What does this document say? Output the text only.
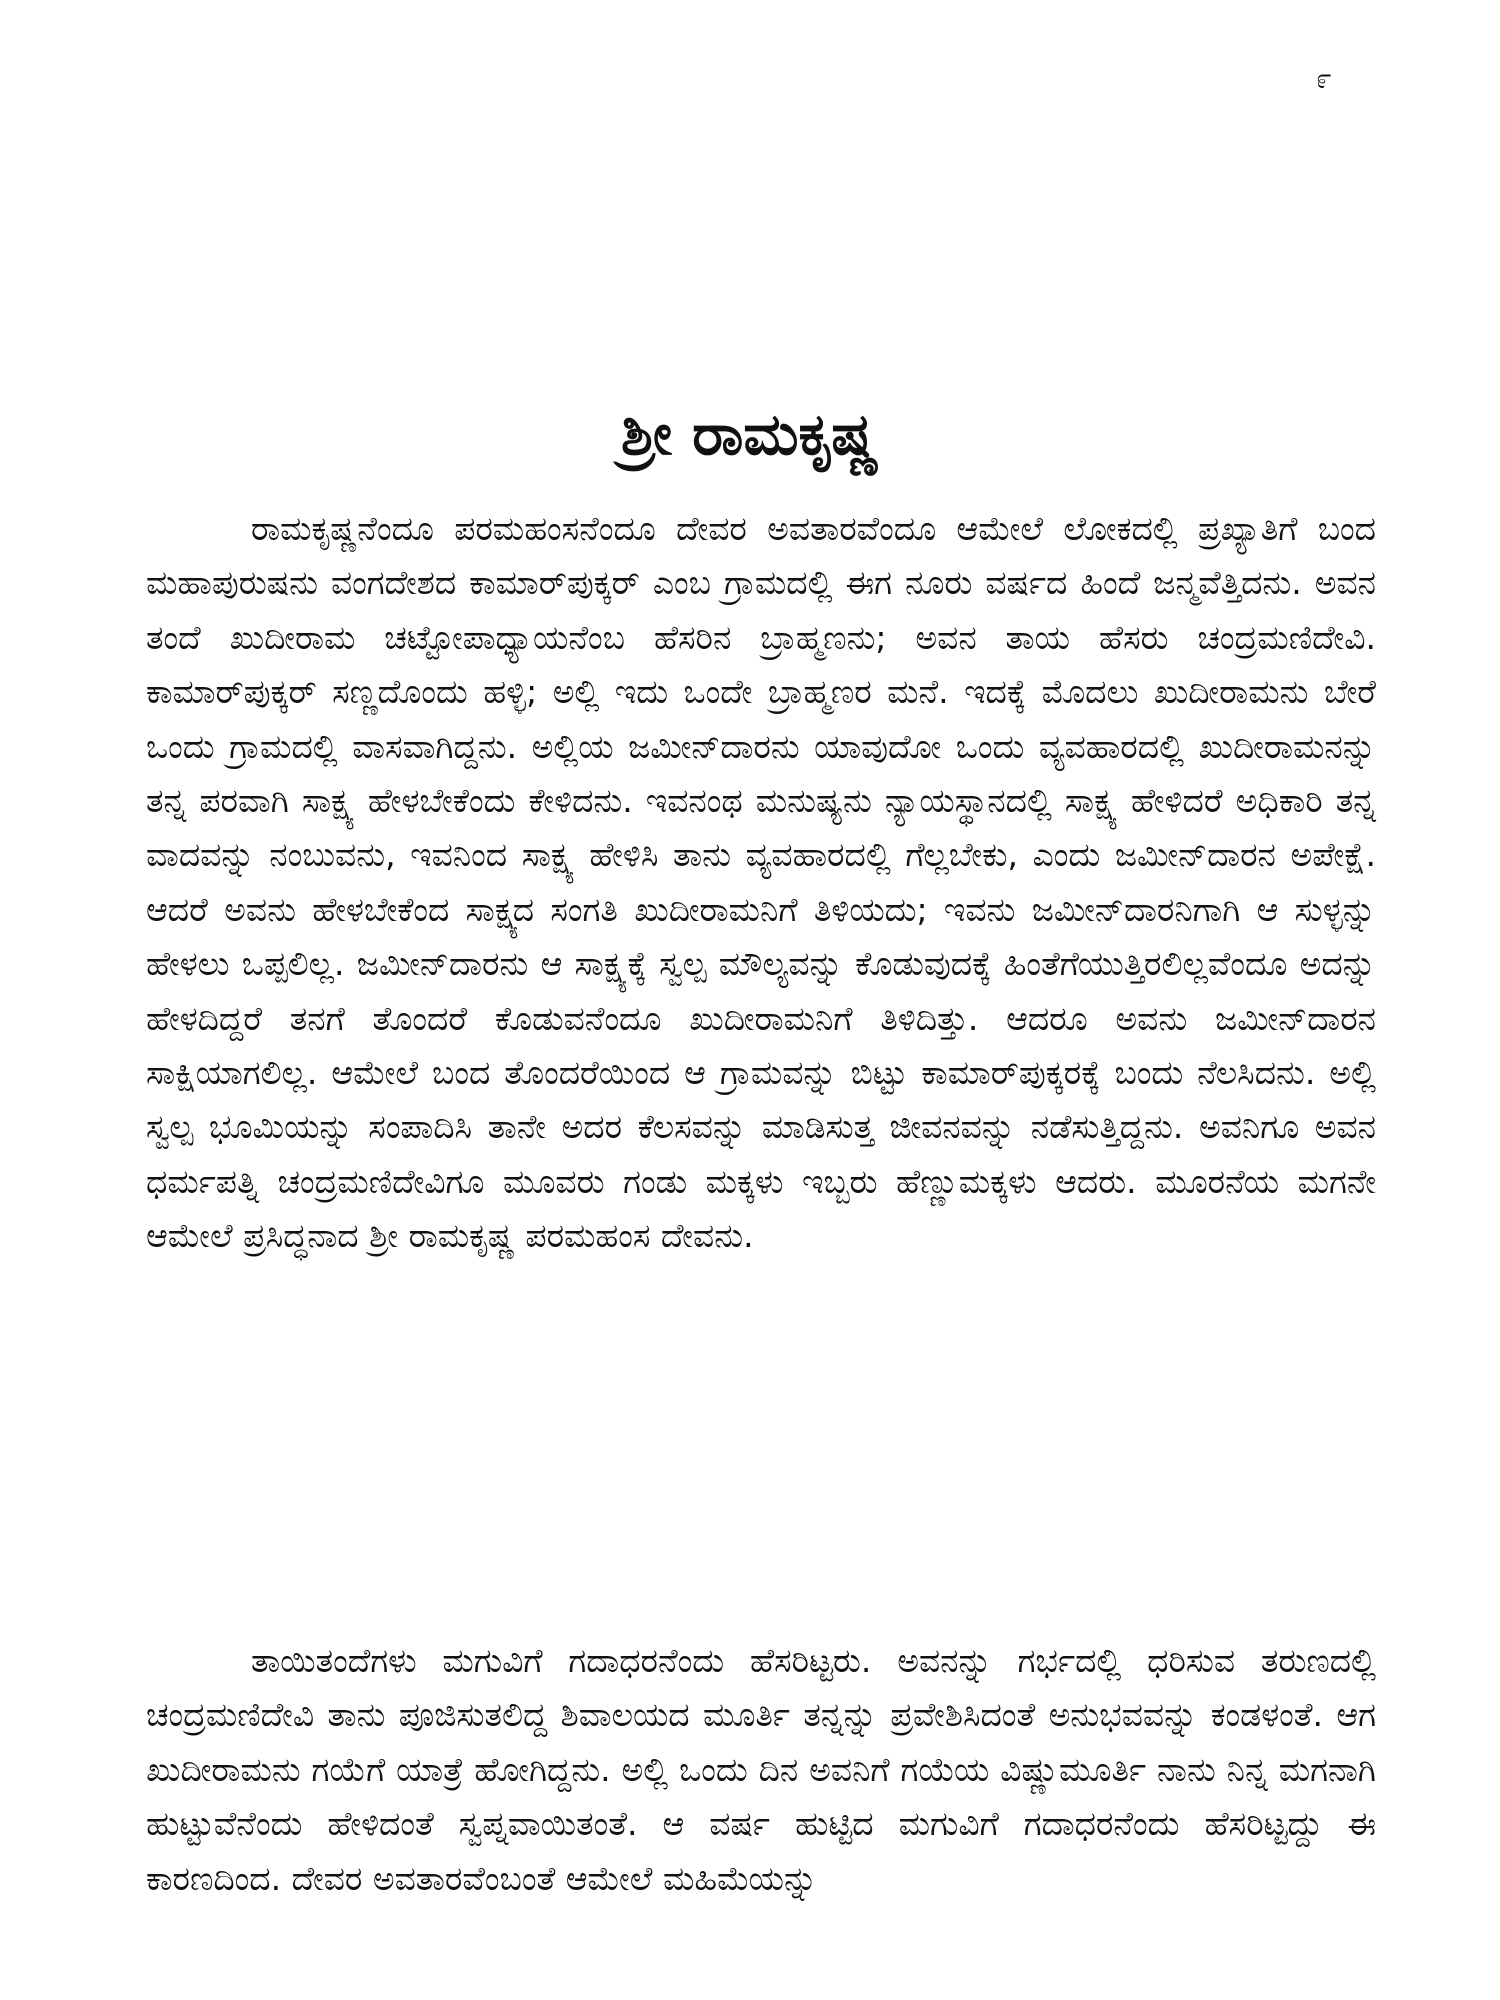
೯
ಶ್ರೀ ರಾಮಕೃಷ್ಣ

ರಾಮಕೃಷ್ಣನೆಂದೂ ಪರಮಹಂಸನೆಂದೂ ದೇವರ ಅವತಾರವೆಂದೂ ಆಮೇಲೆ ಲೋಕದಲ್ಲಿ ಪ್ರಖ್ಯಾತಿಗೆ ಬಂದ ಮಹಾಪುರುಷನು ವಂಗದೇಶದ ಕಾಮಾರ್‌ಪುಕ್ಕರ್ ಎಂಬ ಗ್ರಾಮದಲ್ಲಿ ಈಗ ನೂರು ವರ್ಷದ ಹಿಂದೆ ಜನ್ಮವೆತ್ತಿದನು. ಅವನ ತಂದೆ ಖುದೀರಾಮ ಚಟ್ಟೋಪಾಧ್ಯಾಯನೆಂಬ ಹೆಸರಿನ ಬ್ರಾಹ್ಮಣನು; ಅವನ ತಾಯ ಹೆಸರು ಚಂದ್ರಮಣಿದೇವಿ. ಕಾಮಾರ್‌ಪುಕ್ಕರ್ ಸಣ್ಣದೊಂದು ಹಳ್ಳಿ; ಅಲ್ಲಿ ಇದು ಒಂದೇ ಬ್ರಾಹ್ಮಣರ ಮನೆ. ಇದಕ್ಕೆ ಮೊದಲು ಖುದೀರಾಮನು ಬೇರೆ ಒಂದು ಗ್ರಾಮದಲ್ಲಿ ವಾಸವಾಗಿದ್ದನು. ಅಲ್ಲಿಯ ಜಮೀನ್‌ದಾರನು ಯಾವುದೋ ಒಂದು ವ್ಯವಹಾರದಲ್ಲಿ ಖುದೀರಾಮನನ್ನು ತನ್ನ ಪರವಾಗಿ ಸಾಕ್ಷ್ಯ ಹೇಳಬೇಕೆಂದು ಕೇಳಿದನು. ಇವನಂಥ ಮನುಷ್ಯನು ನ್ಯಾಯಸ್ಥಾನದಲ್ಲಿ ಸಾಕ್ಷ್ಯ ಹೇಳಿದರೆ ಅಧಿಕಾರಿ ತನ್ನ ವಾದವನ್ನು ನಂಬುವನು, ಇವನಿಂದ ಸಾಕ್ಷ್ಯ ಹೇಳಿಸಿ ತಾನು ವ್ಯವಹಾರದಲ್ಲಿ ಗೆಲ್ಲಬೇಕು, ಎಂದು ಜಮೀನ್‌ದಾರನ ಅಪೇಕ್ಷೆ. ಆದರೆ ಅವನು ಹೇಳಬೇಕೆಂದ ಸಾಕ್ಷ್ಯದ ಸಂಗತಿ ಖುದೀರಾಮನಿಗೆ ತಿಳಿಯದು; ಇವನು ಜಮೀನ್‌ದಾರನಿಗಾಗಿ ಆ ಸುಳ್ಳನ್ನು ಹೇಳಲು ಒಪ್ಪಲಿಲ್ಲ. ಜಮೀನ್‌ದಾರನು ಆ ಸಾಕ್ಷ್ಯಕ್ಕೆ ಸ್ವಲ್ಪ ಮೌಲ್ಯವನ್ನು ಕೊಡುವುದಕ್ಕೆ ಹಿಂತೆಗೆಯುತ್ತಿರಲಿಲ್ಲವೆಂದೂ ಅದನ್ನು ಹೇಳದಿದ್ದರೆ ತನಗೆ ತೊಂದರೆ ಕೊಡುವನೆಂದೂ ಖುದೀರಾಮನಿಗೆ ತಿಳಿದಿತ್ತು. ಆದರೂ ಅವನು ಜಮೀನ್‌ದಾರನ ಸಾಕ್ಷಿಯಾಗಲಿಲ್ಲ. ಆಮೇಲೆ ಬಂದ ತೊಂದರೆಯಿಂದ ಆ ಗ್ರಾಮವನ್ನು ಬಿಟ್ಟು ಕಾಮಾರ್‌ಪುಕ್ಕರಕ್ಕೆ ಬಂದು ನೆಲಸಿದನು. ಅಲ್ಲಿ ಸ್ವಲ್ಪ ಭೂಮಿಯನ್ನು ಸಂಪಾದಿಸಿ ತಾನೇ ಅದರ ಕೆಲಸವನ್ನು ಮಾಡಿಸುತ್ತ ಜೀವನವನ್ನು ನಡೆಸುತ್ತಿದ್ದನು. ಅವನಿಗೂ ಅವನ ಧರ್ಮಪತ್ನಿ ಚಂದ್ರಮಣಿದೇವಿಗೂ ಮೂವರು ಗಂಡು ಮಕ್ಕಳು ಇಬ್ಬರು ಹೆಣ್ಣುಮಕ್ಕಳು ಆದರು. ಮೂರನೆಯ ಮಗನೇ ಆಮೇಲೆ ಪ್ರಸಿದ್ಧನಾದ ಶ್ರೀ ರಾಮಕೃಷ್ಣ ಪರಮಹಂಸ ದೇವನು.

ತಾಯಿತಂದೆಗಳು ಮಗುವಿಗೆ ಗದಾಧರನೆಂದು ಹೆಸರಿಟ್ಟರು. ಅವನನ್ನು ಗರ್ಭದಲ್ಲಿ ಧರಿಸುವ ತರುಣದಲ್ಲಿ ಚಂದ್ರಮಣಿದೇವಿ ತಾನು ಪೂಜಿಸುತಲಿದ್ದ ಶಿವಾಲಯದ ಮೂರ್ತಿ ತನ್ನನ್ನು ಪ್ರವೇಶಿಸಿದಂತೆ ಅನುಭವವನ್ನು ಕಂಡಳಂತೆ. ಆಗ ಖುದೀರಾಮನು ಗಯೆಗೆ ಯಾತ್ರೆ ಹೋಗಿದ್ದನು. ಅಲ್ಲಿ ಒಂದು ದಿನ ಅವನಿಗೆ ಗಯೆಯ ವಿಷ್ಣುಮೂರ್ತಿ ನಾನು ನಿನ್ನ ಮಗನಾಗಿ ಹುಟ್ಟುವೆನೆಂದು ಹೇಳಿದಂತೆ ಸ್ವಪ್ನವಾಯಿತಂತೆ. ಆ ವರ್ಷ ಹುಟ್ಟಿದ ಮಗುವಿಗೆ ಗದಾಧರನೆಂದು ಹೆಸರಿಟ್ಟದ್ದು ಈ ಕಾರಣದಿಂದ. ದೇವರ ಅವತಾರವೆಂಬಂತೆ ಆಮೇಲೆ ಮಹಿಮೆಯನ್ನು
